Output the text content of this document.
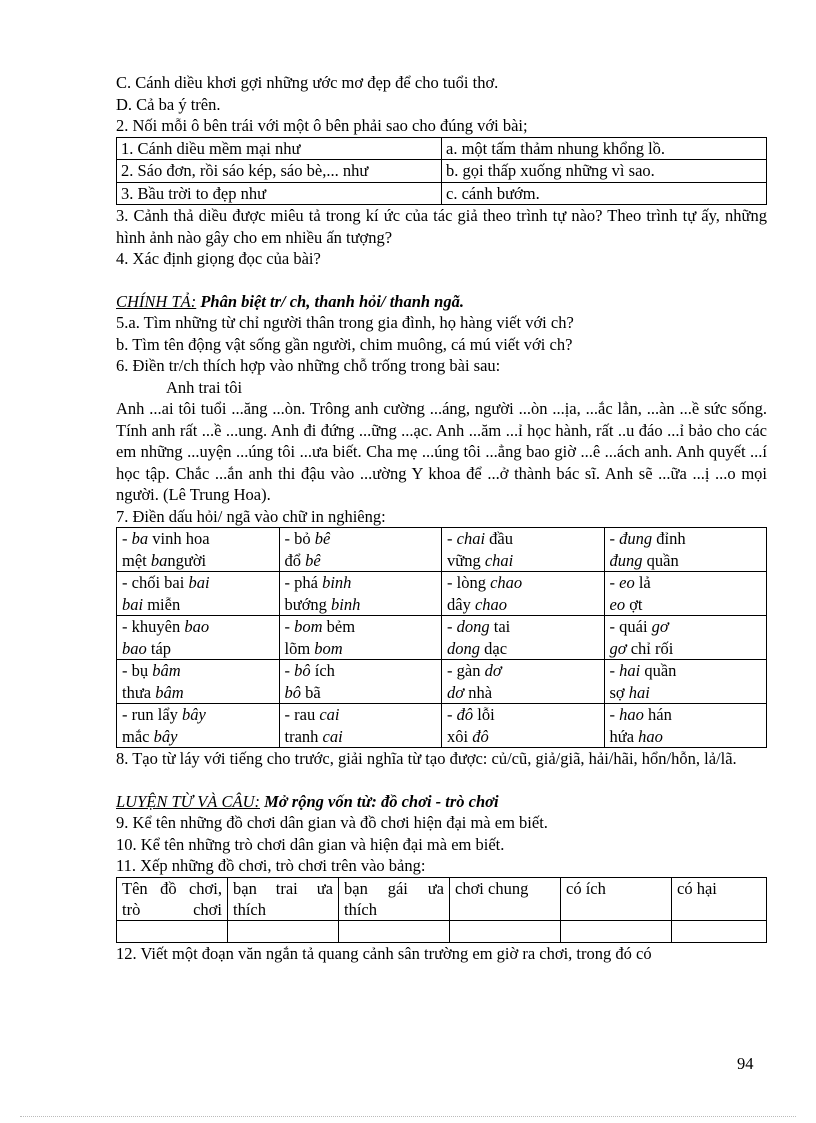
C. Cánh diều khơi gợi những ước mơ đẹp để cho tuổi thơ.

D. Cả ba ý trên.

2. Nối mỗi ô bên trái với một ô bên phải sao cho đúng với bài;

1. Cánh diều mềm mại như	a. một tấm thảm nhung khổng lồ.
2. Sáo đơn, rồi sáo kép, sáo bè,... như	b. gọi thấp xuống những vì sao.
3. Bầu trời to đẹp như	c. cánh bướm.

3. Cảnh thả diều được miêu tả trong kí ức của tác giả theo trình tự nào? Theo trình tự ấy, những hình ảnh nào gây cho em nhiều ấn tượng?

4. Xác định giọng đọc của bài?

CHÍNH TẢ: Phân biệt tr/ ch, thanh hỏi/ thanh ngã.

5.a. Tìm những từ chỉ người thân trong gia đình, họ hàng viết với ch?

b. Tìm tên động vật sống gần người, chim muông, cá mú viết với ch?

6. Điền tr/ch thích hợp vào những chỗ trống trong bài sau:

Anh trai tôi

Anh ...ai tôi tuổi ...ăng ...òn. Trông anh cường ...áng, người ...òn ...ịa, ...ắc lẳn, ...àn ...ề sức sống. Tính anh rất ...ề ...ung. Anh đi đứng ...ững ...ạc. Anh ...ăm ...ỉ học hành, rất ..u đáo ...ỉ bảo cho các em những ...uyện ...úng tôi ...ưa biết. Cha mẹ ...úng tôi ...ẳng bao giờ ...ê ...ách anh. Anh quyết ...í học tập. Chắc ...ắn anh thi đậu vào ...ường Y khoa để ...ở thành bác sĩ. Anh sẽ ...ữa ...ị ...o mọi người. (Lê Trung Hoa).

7. Điền dấu hỏi/ ngã vào chữ in nghiêng:

- ba vinh hoa	- bỏ bê	- chai đầu	- đung đỉnh
mệt bangười	đổ bê	vững chai	đung quần
- chối bai bai	- phá binh	- lòng chao	- eo lả
bai miễn	bướng binh	dây chao	eo ợt
- khuyên bao	- bom bẻm	- dong tai	- quái gơ
bao táp	lõm bom	dong dạc	gơ chỉ rối
- bụ bâm	- bô ích	- gàn dơ	- hai quần
thưa bâm	bô bã	dơ nhà	sợ hai
- run lẩy bây	- rau cai	- đô lỗi	- hao hán
mắc bây	tranh cai	xôi đô	hứa hao

8. Tạo từ láy với tiếng cho trước, giải nghĩa từ tạo được: củ/cũ, giả/giã, hải/hãi, hổn/hỗn, lả/lã.

LUYỆN TỪ VÀ CÂU: Mở rộng vốn từ: đồ chơi - trò chơi

9. Kể tên những đồ chơi dân gian và đồ chơi hiện đại mà em biết.

10. Kể tên những trò chơi dân gian và hiện đại mà em biết.

11. Xếp những đồ chơi, trò chơi trên vào bảng:

Tên đồ chơi, trò chơi	bạn trai ưa thích	bạn gái ưa thích	chơi chung	có ích	có hại

12. Viết một đoạn văn ngắn tả quang cảnh sân trường em giờ ra chơi, trong đó có

94
